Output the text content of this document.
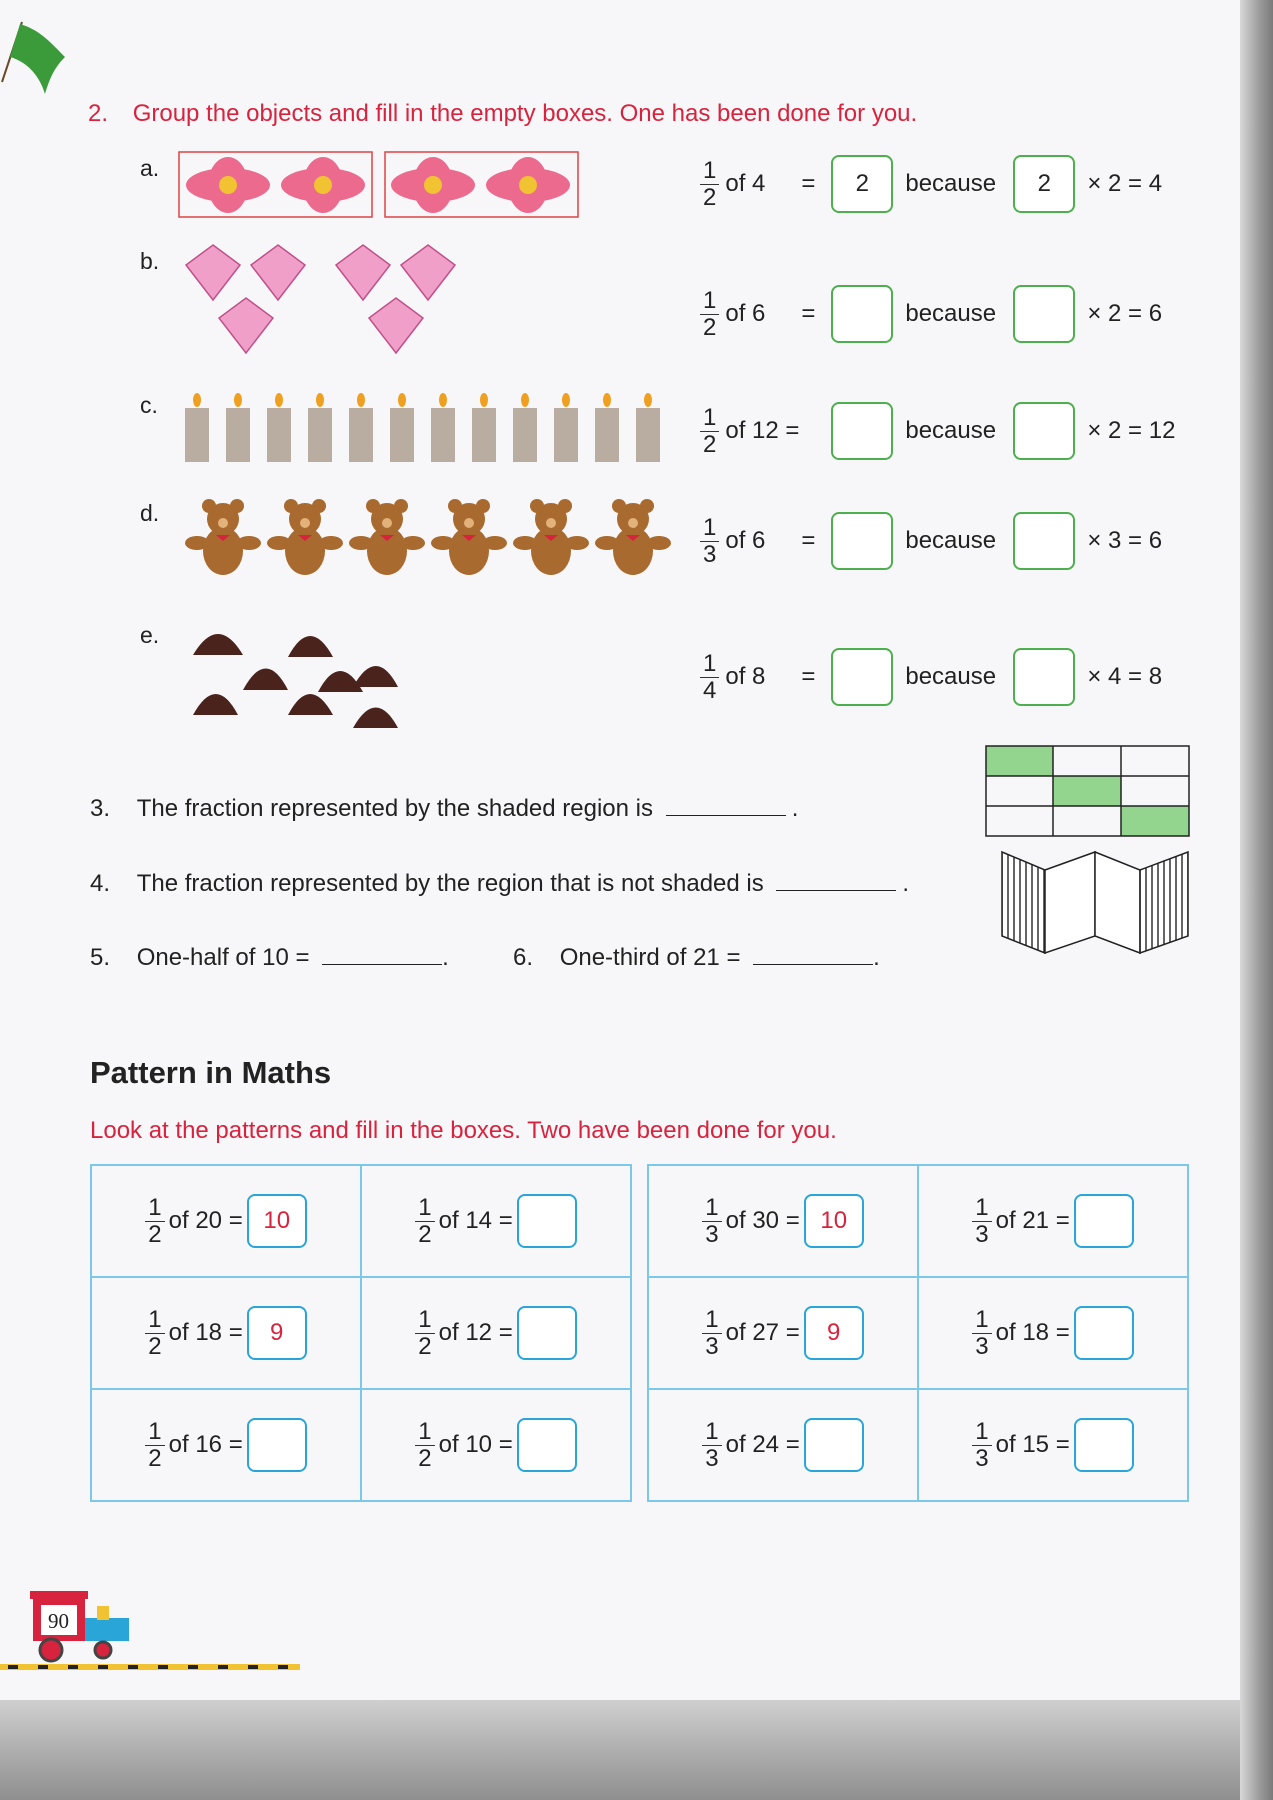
2. Group the objects and fill in the empty boxes. One has been done for you.
a.
b.
c.
d.
e.
$\frac{1}{2}$ of 4	=	2	because	2	× 2 = 4
$\frac{1}{2}$ of 6	=	because	× 2 = 6
$\frac{1}{2}$ of 12 =	because	× 2 = 12
$\frac{1}{3}$ of 6	=	because	× 3 = 6
$\frac{1}{4}$ of 8	=	because	× 4 = 8
3. The fraction represented by the shaded region is	.
4. The fraction represented by the region that is not shaded is	.
5. One-half of 10 =	.	6. One-third of 21 =	.
Pattern in Maths
Look at the patterns and fill in the boxes. Two have been done for you.
$\frac{1}{2}$ of 20 = 10	$\frac{1}{2}$ of 14 =

$\frac{1}{2}$ of 18 = 9	$\frac{1}{2}$ of 12 =

$\frac{1}{2}$ of 16 =	$\frac{1}{2}$ of 10 =
$\frac{1}{3}$ of 30 = 10	$\frac{1}{3}$ of 21 =

$\frac{1}{3}$ of 27 = 9	$\frac{1}{3}$ of 18 =

$\frac{1}{3}$ of 24 =	$\frac{1}{3}$ of 15 =
90
